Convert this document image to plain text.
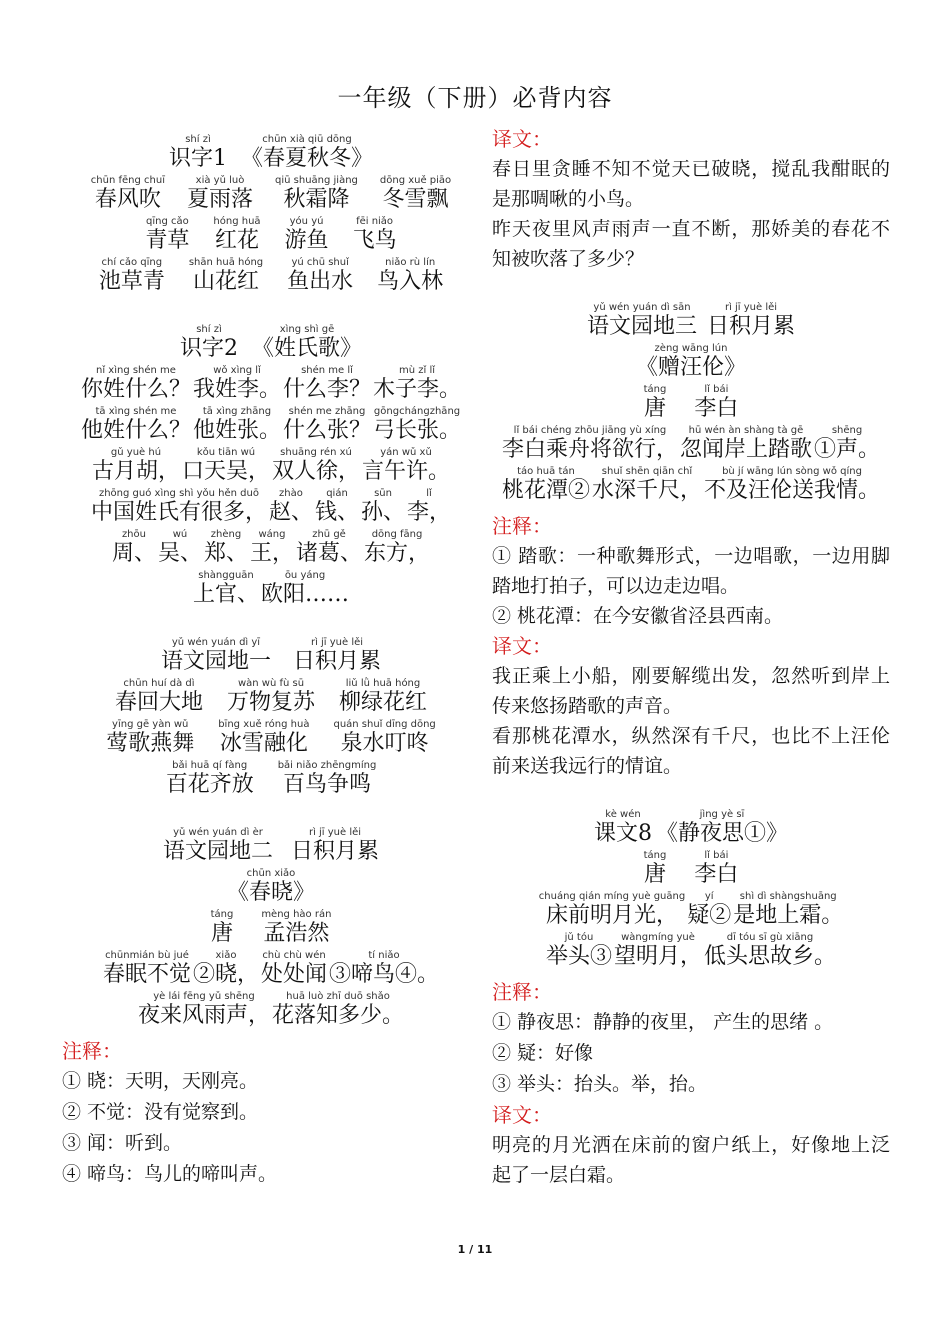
一年级（下册）必背内容
shí zì
识字1
chūn xià qiū dōng
《春夏秋冬》
chūn fēng chuī
春风吹
xià yǔ luò
夏雨落
qiū shuāng jiàng
秋霜降
dōng xuě piāo
冬雪飘
qīng cǎo
青草
hóng huā
红花
yóu yú
游鱼
fēi niǎo
飞鸟
chí cǎo qīng
池草青
shān huā hóng
山花红
yú chū shuǐ
鱼出水
niǎo rù lín
鸟入林
shí zì
识字2
xìng shì gē
《姓氏歌》
nǐ xìng shén me
你姓什么？
wǒ xìng lǐ
我姓李。
shén me lǐ
什么李？
mù zǐ lǐ
木子李。
tā xìng shén me
他姓什么？
tā xìng zhāng
他姓张。
shén me zhāng
什么张？
gōngchángzhāng
弓长张。
gǔ yuè hú
古月胡，
kǒu tiān wú
口天吴，
shuāng rén xú
双人徐，
yán wǔ xǔ
言午许。
zhōng guó xìng shì yǒu hěn duō
中国姓氏有很多，
zhào
赵、
qián
钱、
sūn
孙、
lǐ
李，
zhōu
周、
wú
吴、
zhèng
郑、
wáng
王，
zhū gě
诸葛、
dōng fāng
东方，
shàngguān
上官、
ōu yáng
欧阳……
yǔ wén yuán dì yī
语文园地一
rì jī yuè lěi
日积月累
chūn huí dà dì
春回大地
wàn wù fù sū
万物复苏
liǔ lǜ huā hóng
柳绿花红
yīng gē yàn wǔ
莺歌燕舞
bīng xuě róng huà
冰雪融化
quán shuǐ dīng dōng
泉水叮咚
bǎi huā qí fàng
百花齐放
bǎi niǎo zhēngmíng
百鸟争鸣
yǔ wén yuán dì èr
语文园地二
rì jī yuè lěi
日积月累
chūn xiǎo
《春晓》
táng
唐
mèng hào rán
孟浩然
chūnmián bù jué
春眠不觉
xiǎo
②晓，
chù chù wén
处处闻
tí niǎo
③啼鸟④。
yè lái fēng yǔ shēng
夜来风雨声，
huā luò zhī duō shǎo
花落知多少。
注释：
① 晓：天明，天刚亮。
② 不觉：没有觉察到。
③ 闻：听到。
④ 啼鸟：鸟儿的啼叫声。
译文：
春日里贪睡不知不觉天已破晓，搅乱我酣眠的是那啁啾的小鸟。
昨天夜里风声雨声一直不断，那娇美的春花不知被吹落了多少？
yǔ wén yuán dì sān
语文园地三
rì jī yuè lěi
日积月累
zèng wāng lún
《赠汪伦》
táng
唐
lǐ bái
李白
lǐ bái chéng zhōu jiāng yù xíng
李白乘舟将欲行，
hū wén àn shàng tà gē
忽闻岸上踏歌
shēng
①声。
táo huā tán
桃花潭②
shuǐ shēn qiān chǐ
水深千尺，
bù jí wāng lún sòng wǒ qíng
不及汪伦送我情。
注释：
① 踏歌：一种歌舞形式，一边唱歌，一边用脚踏地打拍子，可以边走边唱。
② 桃花潭：在今安徽省泾县西南。
译文：
我正乘上小船，刚要解缆出发，忽然听到岸上传来悠扬踏歌的声音。
看那桃花潭水，纵然深有千尺，也比不上汪伦前来送我远行的情谊。
kè wén
课文8
jìng yè sī
《静夜思①》
táng
唐
lǐ bái
李白
chuáng qián míng yuè guāng
床前明月光，
yí
疑②
shì dì shàngshuāng
是地上霜。
jǔ tóu
举头③
wàngmíng yuè
望明月，
dī tóu sī gù xiāng
低头思故乡。
注释：
① 静夜思：静静的夜里， 产生的思绪 。
② 疑：好像
③ 举头：抬头。举，抬。
译文：
明亮的月光洒在床前的窗户纸上，好像地上泛起了一层白霜。
1 / 11
